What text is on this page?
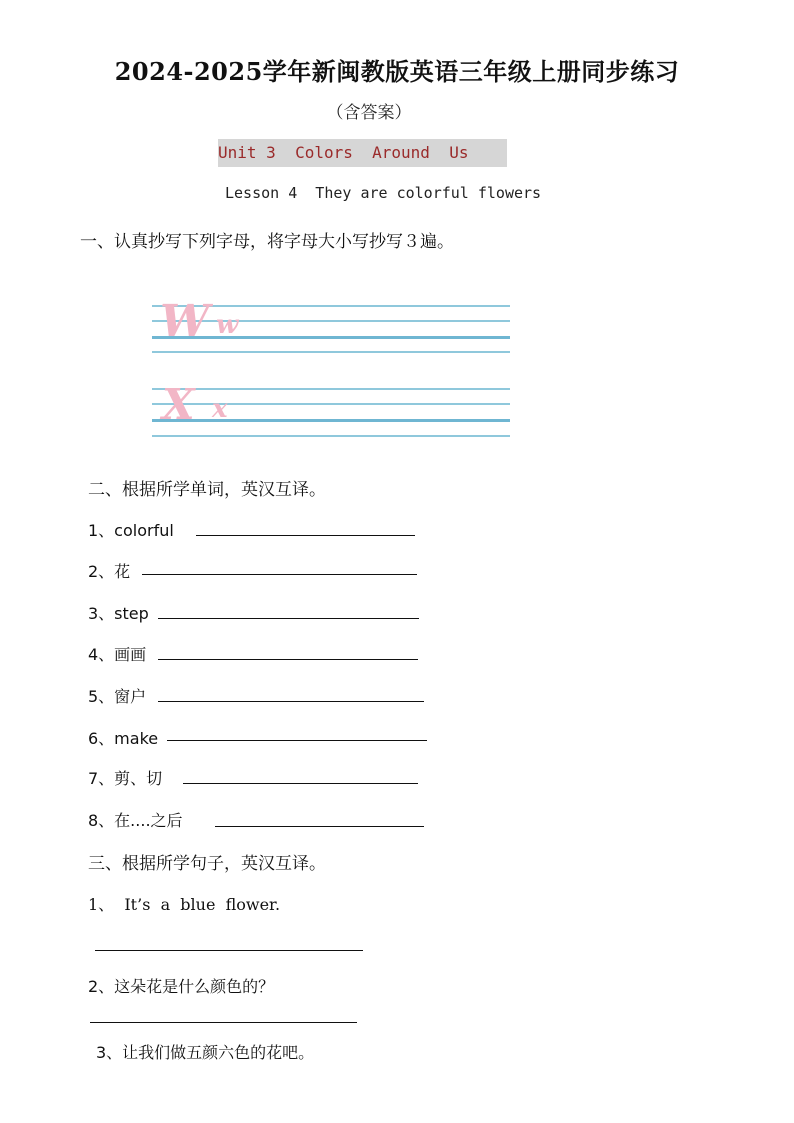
2024-2025学年新闽教版英语三年级上册同步练习
（含答案）
Unit 3  Colors  Around  Us
Lesson 4  They are colorful flowers
一、认真抄写下列字母，将字母大小写抄写３遍。
W w
X x
二、根据所学单词，英汉互译。
1、colorful
2、花
3、step
4、画画
5、窗户
6、make
7、剪、切
8、在....之后
三、根据所学句子，英汉互译。
1、  It’s  a  blue  flower.
2、这朵花是什么颜色的？
3、让我们做五颜六色的花吧。
